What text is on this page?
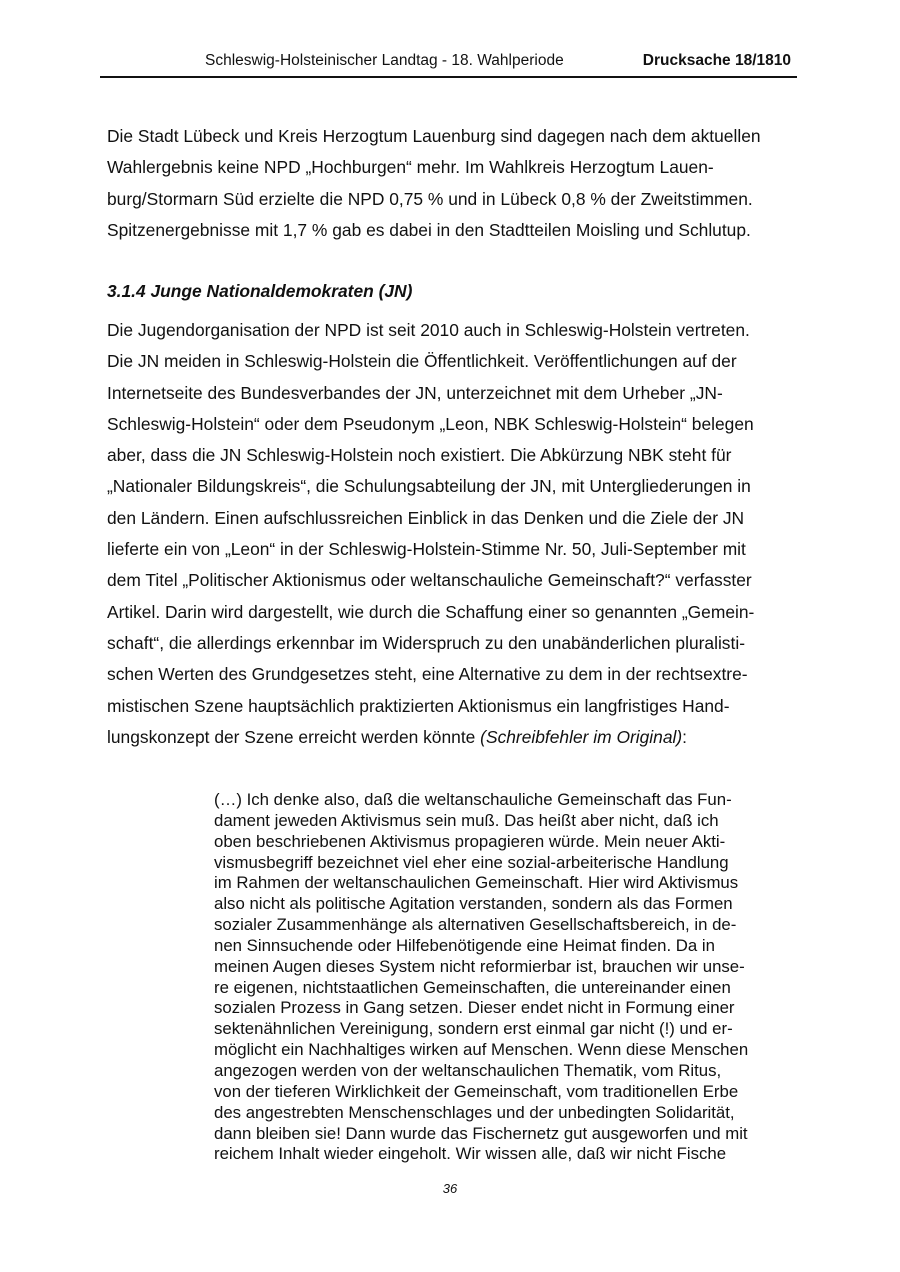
Schleswig-Holsteinischer Landtag - 18. Wahlperiode	Drucksache 18/1810
Die Stadt Lübeck und Kreis Herzogtum Lauenburg sind dagegen nach dem aktuellen
Wahlergebnis keine NPD „Hochburgen“ mehr. Im Wahlkreis Herzogtum Lauen-
burg/Stormarn Süd erzielte die NPD 0,75 % und in Lübeck 0,8 % der Zweitstimmen.
Spitzenergebnisse mit 1,7 % gab es dabei in den Stadtteilen Moisling und Schlutup.
3.1.4 Junge Nationaldemokraten (JN)
Die Jugendorganisation der NPD ist seit 2010 auch in Schleswig-Holstein vertreten.
Die JN meiden in Schleswig-Holstein die Öffentlichkeit. Veröffentlichungen auf der
Internetseite des Bundesverbandes der JN, unterzeichnet mit dem Urheber „JN-
Schleswig-Holstein“ oder dem Pseudonym „Leon, NBK Schleswig-Holstein“ belegen
aber, dass die JN Schleswig-Holstein noch existiert. Die Abkürzung NBK steht für
„Nationaler Bildungskreis“, die Schulungsabteilung der JN, mit Untergliederungen in
den Ländern. Einen aufschlussreichen Einblick in das Denken und die Ziele der JN
lieferte ein von „Leon“ in der Schleswig-Holstein-Stimme Nr. 50, Juli-September mit
dem Titel „Politischer Aktionismus oder weltanschauliche Gemeinschaft?“ verfasster
Artikel. Darin wird dargestellt, wie durch die Schaffung einer so genannten „Gemein-
schaft“, die allerdings erkennbar im Widerspruch zu den unabänderlichen pluralisti-
schen Werten des Grundgesetzes steht, eine Alternative zu dem in der rechtsextre-
mistischen Szene hauptsächlich praktizierten Aktionismus ein langfristiges Hand-
lungskonzept der Szene erreicht werden könnte (Schreibfehler im Original):
(…) Ich denke also, daß die weltanschauliche Gemeinschaft das Fun-
dament jeweden Aktivismus sein muß. Das heißt aber nicht, daß ich
oben beschriebenen Aktivismus propagieren würde. Mein neuer Akti-
vismusbegriff bezeichnet viel eher eine sozial-arbeiterische Handlung
im Rahmen der weltanschaulichen Gemeinschaft. Hier wird Aktivismus
also nicht als politische Agitation verstanden, sondern als das Formen
sozialer Zusammenhänge als alternativen Gesellschaftsbereich, in de-
nen Sinnsuchende oder Hilfebenötigende eine Heimat finden. Da in
meinen Augen dieses System nicht reformierbar ist, brauchen wir unse-
re eigenen, nichtstaatlichen Gemeinschaften, die untereinander einen
sozialen Prozess in Gang setzen. Dieser endet nicht in Formung einer
sektenähnlichen Vereinigung, sondern erst einmal gar nicht (!) und er-
möglicht ein Nachhaltiges wirken auf Menschen. Wenn diese Menschen
angezogen werden von der weltanschaulichen Thematik, vom Ritus,
von der tieferen Wirklichkeit der Gemeinschaft, vom traditionellen Erbe
des angestrebten Menschenschlages und der unbedingten Solidarität,
dann bleiben sie! Dann wurde das Fischernetz gut ausgeworfen und mit
reichem Inhalt wieder eingeholt. Wir wissen alle, daß wir nicht Fische
36
